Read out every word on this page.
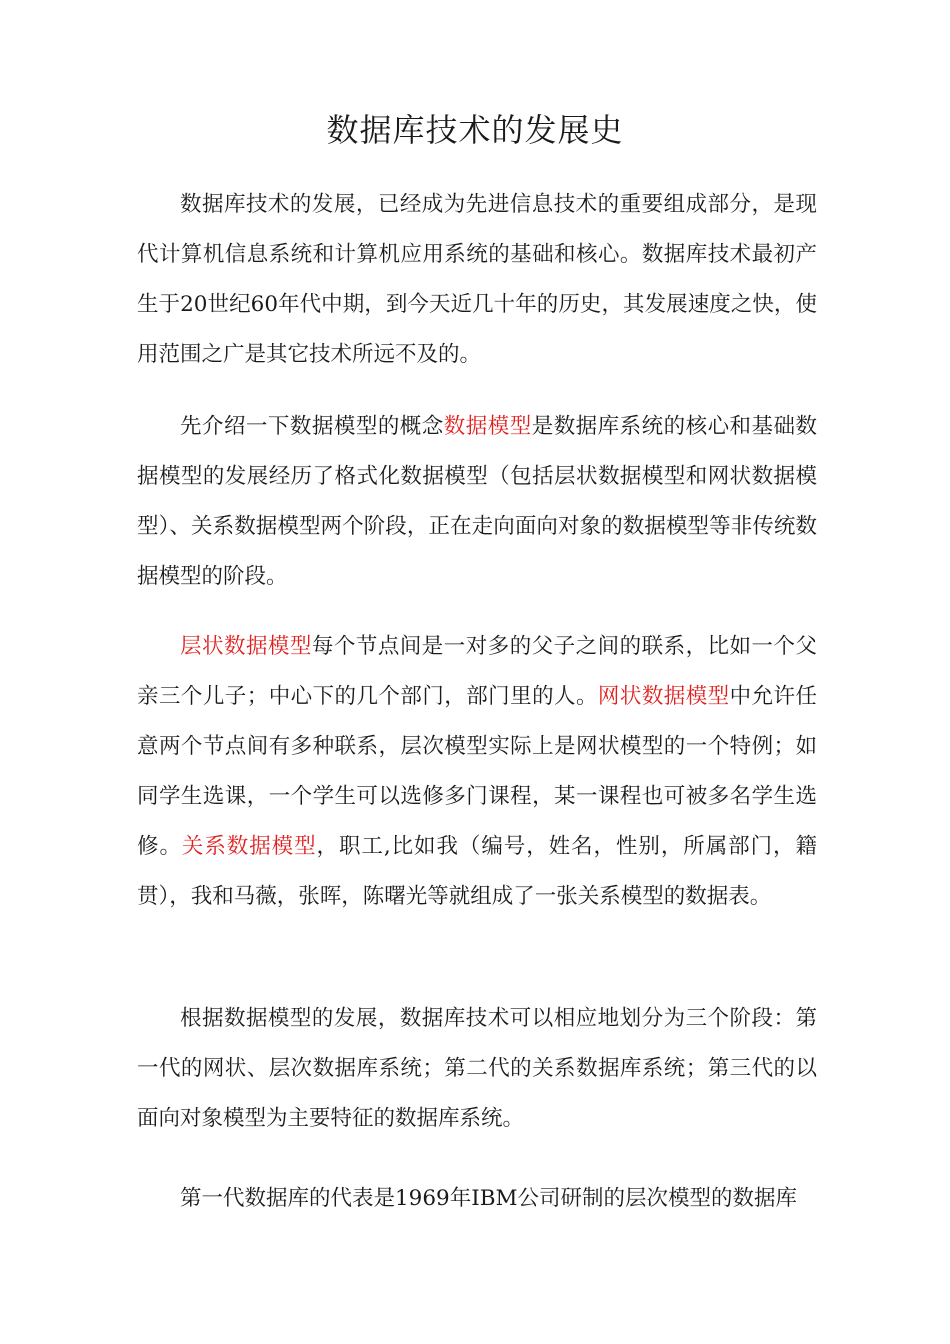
数据库技术的发展史

数据库技术的发展，已经成为先进信息技术的重要组成部分，是现代计算机信息系统和计算机应用系统的基础和核心。数据库技术最初产生于20世纪60年代中期，到今天近几十年的历史，其发展速度之快，使用范围之广是其它技术所远不及的。

先介绍一下数据模型的概念数据模型是数据库系统的核心和基础数据模型的发展经历了格式化数据模型（包括层状数据模型和网状数据模型）、关系数据模型两个阶段，正在走向面向对象的数据模型等非传统数据模型的阶段。

层状数据模型每个节点间是一对多的父子之间的联系，比如一个父亲三个儿子；中心下的几个部门，部门里的人。网状数据模型中允许任意两个节点间有多种联系，层次模型实际上是网状模型的一个特例；如同学生选课，一个学生可以选修多门课程，某一课程也可被多名学生选修。关系数据模型，职工,比如我（编号，姓名，性别，所属部门，籍贯），我和马薇，张晖，陈曙光等就组成了一张关系模型的数据表。

根据数据模型的发展，数据库技术可以相应地划分为三个阶段：第一代的网状、层次数据库系统；第二代的关系数据库系统；第三代的以面向对象模型为主要特征的数据库系统。

第一代数据库的代表是1969年IBM公司研制的层次模型的数据库
